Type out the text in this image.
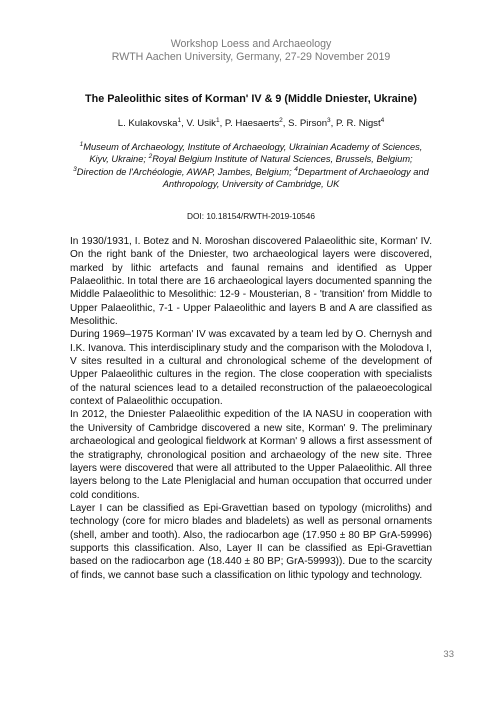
Workshop Loess and Archaeology
RWTH Aachen University, Germany, 27-29 November 2019
The Paleolithic sites of Korman' IV & 9 (Middle Dniester, Ukraine)
L. Kulakovska$^1$, V. Usik$^1$, P. Haesaerts$^2$, S. Pirson$^3$, P. R. Nigst$^4$
$^1$Museum of Archaeology, Institute of Archaeology, Ukrainian Academy of Sciences, Kiyv, Ukraine; $^2$Royal Belgium Institute of Natural Sciences, Brussels, Belgium; $^3$Direction de l'Archéologie, AWAP, Jambes, Belgium; $^4$Department of Archaeology and Anthropology, University of Cambridge, UK
DOI: 10.18154/RWTH-2019-10546

In 1930/1931, I. Botez and N. Moroshan discovered Palaeolithic site, Korman' IV. On the right bank of the Dniester, two archaeological layers were discovered, marked by lithic artefacts and faunal remains and identified as Upper Palaeolithic. In total there are 16 archaeological layers documented spanning the Middle Palaeolithic to Mesolithic: 12-9 - Mousterian, 8 - 'transition' from Middle to Upper Palaeolithic, 7-1 - Upper Palaeolithic and layers B and A are classified as Mesolithic.

During 1969–1975 Korman' IV was excavated by a team led by O. Chernysh and I.K. Ivanova. This interdisciplinary study and the comparison with the Molodova I, V sites resulted in a cultural and chronological scheme of the development of Upper Palaeolithic cultures in the region. The close cooperation with specialists of the natural sciences lead to a detailed reconstruction of the palaeoecological context of Palaeolithic occupation.

In 2012, the Dniester Palaeolithic expedition of the IA NASU in cooperation with the University of Cambridge discovered a new site, Korman' 9. The preliminary archaeological and geological fieldwork at Korman' 9 allows a first assessment of the stratigraphy, chronological position and archaeology of the new site. Three layers were discovered that were all attributed to the Upper Palaeolithic. All three layers belong to the Late Pleniglacial and human occupation that occurred under cold conditions.

Layer I can be classified as Epi-Gravettian based on typology (microliths) and technology (core for micro blades and bladelets) as well as personal ornaments (shell, amber and tooth). Also, the radiocarbon age (17.950 ± 80 BP GrA-59996) supports this classification. Also, Layer II can be classified as Epi-Gravettian based on the radiocarbon age (18.440 ± 80 BP; GrA-59993)). Due to the scarcity of finds, we cannot base such a classification on lithic typology and technology.

33
